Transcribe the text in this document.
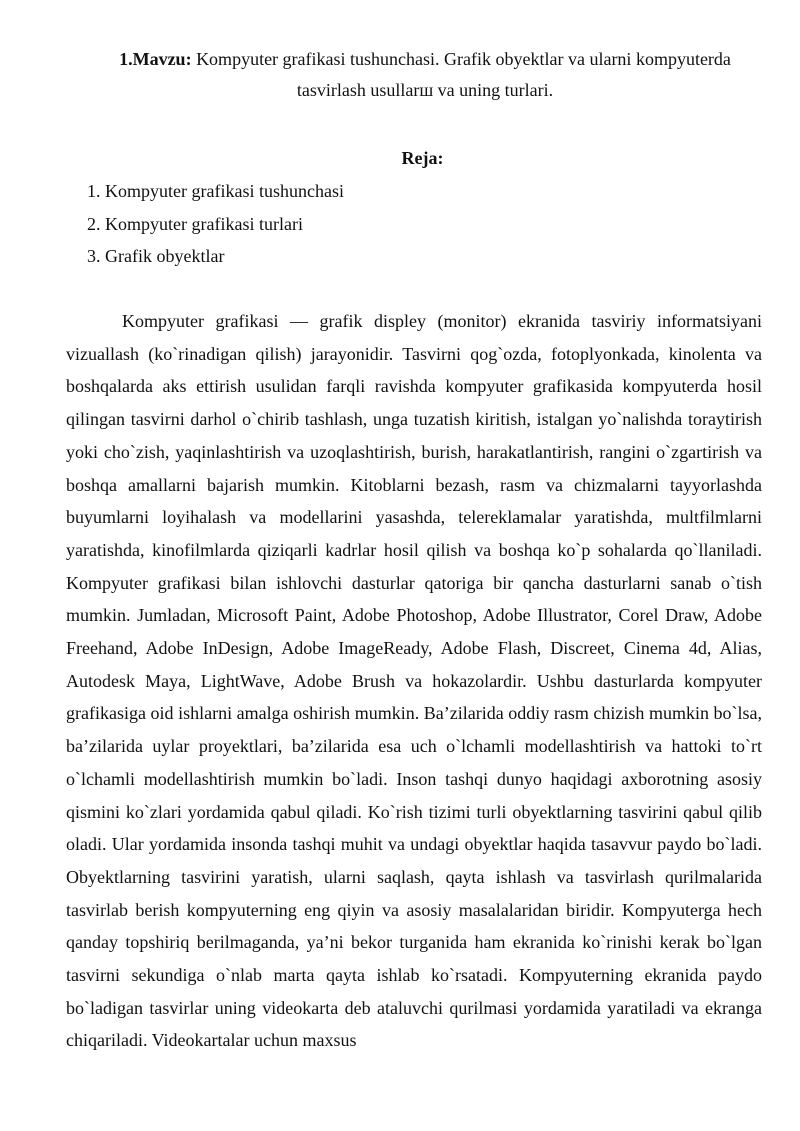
1.Mavzu: Kompyuter grafikasi tushunchasi. Grafik obyektlar va ularni kompyuterda tasvirlash usullarш va uning turlari.
Reja:
1. Kompyuter grafikasi tushunchasi
2. Kompyuter grafikasi turlari
3. Grafik obyektlar

Kompyuter grafikasi — grafik displey (monitor) ekranida tasviriy informatsiyani vizuallash (ko`rinadigan qilish) jarayonidir. Tasvirni qog`ozda, fotoplyonkada, kinolenta va boshqalarda aks ettirish usulidan farqli ravishda kompyuter grafikasida kompyuterda hosil qilingan tasvirni darhol o`chirib tashlash, unga tuzatish kiritish, istalgan yo`nalishda toraytirish yoki cho`zish, yaqinlashtirish va uzoqlashtirish, burish, harakatlantirish, rangini o`zgartirish va boshqa amallarni bajarish mumkin. Kitoblarni bezash, rasm va chizmalarni tayyorlashda buyumlarni loyihalash va modellarini yasashda, telereklamalar yaratishda, multfilmlarni yaratishda, kinofilmlarda qiziqarli kadrlar hosil qilish va boshqa ko`p sohalarda qo`llaniladi. Kompyuter grafikasi bilan ishlovchi dasturlar qatoriga bir qancha dasturlarni sanab o`tish mumkin. Jumladan, Microsoft Paint, Adobe Photoshop, Adobe Illustrator, Corel Draw, Adobe Freehand, Adobe InDesign, Adobe ImageReady, Adobe Flash, Discreet, Cinema 4d, Alias, Autodesk Maya, LightWave, Adobe Brush va hokazolardir. Ushbu dasturlarda kompyuter grafikasiga oid ishlarni amalga oshirish mumkin. Ba’zilarida oddiy rasm chizish mumkin bo`lsa, ba’zilarida uylar proyektlari, ba’zilarida esa uch o`lchamli modellashtirish va hattoki to`rt o`lchamli modellashtirish mumkin bo`ladi. Inson tashqi dunyo haqidagi axborotning asosiy qismini ko`zlari yordamida qabul qiladi. Ko`rish tizimi turli obyektlarning tasvirini qabul qilib oladi. Ular yordamida insonda tashqi muhit va undagi obyektlar haqida tasavvur paydo bo`ladi. Obyektlarning tasvirini yaratish, ularni saqlash, qayta ishlash va tasvirlash qurilmalarida tasvirlab berish kompyuterning eng qiyin va asosiy masalalaridan biridir. Kompyuterga hech qanday topshiriq berilmaganda, ya’ni bekor turganida ham ekranida ko`rinishi kerak bo`lgan tasvirni sekundiga o`nlab marta qayta ishlab ko`rsatadi. Kompyuterning ekranida paydo bo`ladigan tasvirlar uning videokarta deb ataluvchi qurilmasi yordamida yaratiladi va ekranga chiqariladi. Videokartalar uchun maxsus
